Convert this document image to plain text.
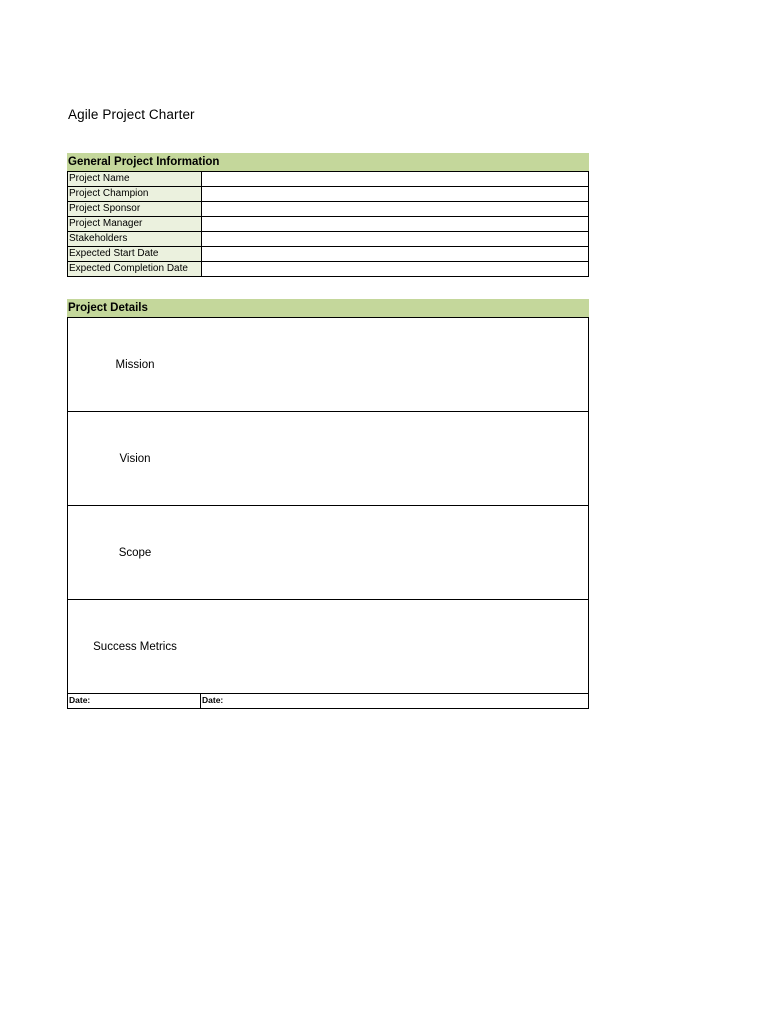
Agile Project Charter
General Project Information
Project Name	
Project Champion	
Project Sponsor	
Project Manager	
Stakeholders	
Expected Start Date	
Expected Completion Date	
Project Details
Mission
Vision
Scope
Success Metrics
Date:	Date:
